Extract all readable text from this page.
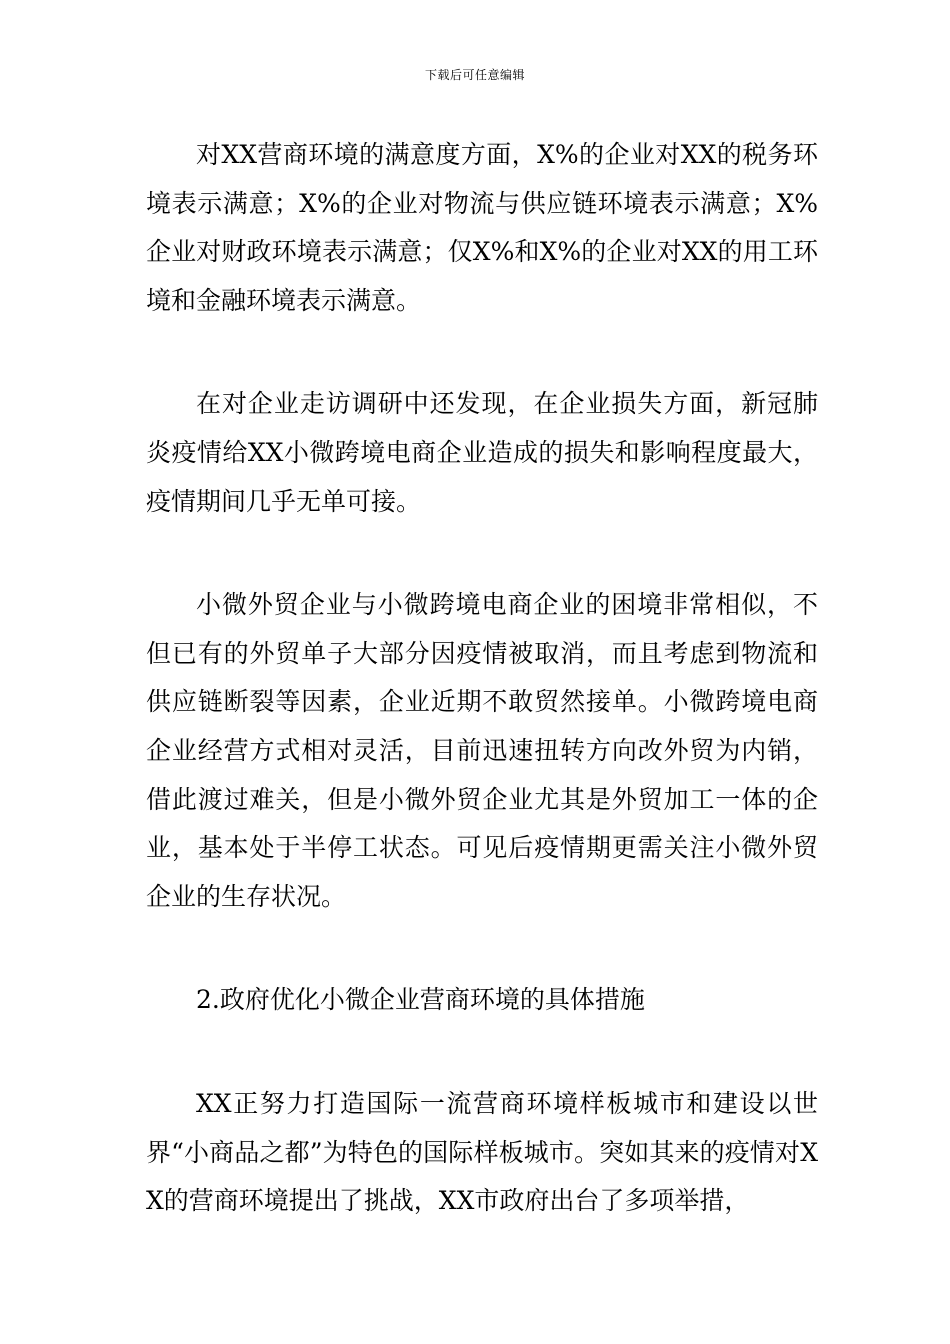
下载后可任意编辑

对XX营商环境的满意度方面，X%的企业对XX的税务环境表示满意；X%的企业对物流与供应链环境表示满意；X%企业对财政环境表示满意；仅X%和X%的企业对XX的用工环境和金融环境表示满意。

在对企业走访调研中还发现，在企业损失方面，新冠肺炎疫情给XX小微跨境电商企业造成的损失和影响程度最大，疫情期间几乎无单可接。

小微外贸企业与小微跨境电商企业的困境非常相似，不但已有的外贸单子大部分因疫情被取消，而且考虑到物流和供应链断裂等因素，企业近期不敢贸然接单。小微跨境电商企业经营方式相对灵活，目前迅速扭转方向改外贸为内销，借此渡过难关，但是小微外贸企业尤其是外贸加工一体的企业，基本处于半停工状态。可见后疫情期更需关注小微外贸企业的生存状况。

2.政府优化小微企业营商环境的具体措施

XX正努力打造国际一流营商环境样板城市和建设以世界“小商品之都”为特色的国际样板城市。突如其来的疫情对XX的营商环境提出了挑战，XX市政府出台了多项举措，
